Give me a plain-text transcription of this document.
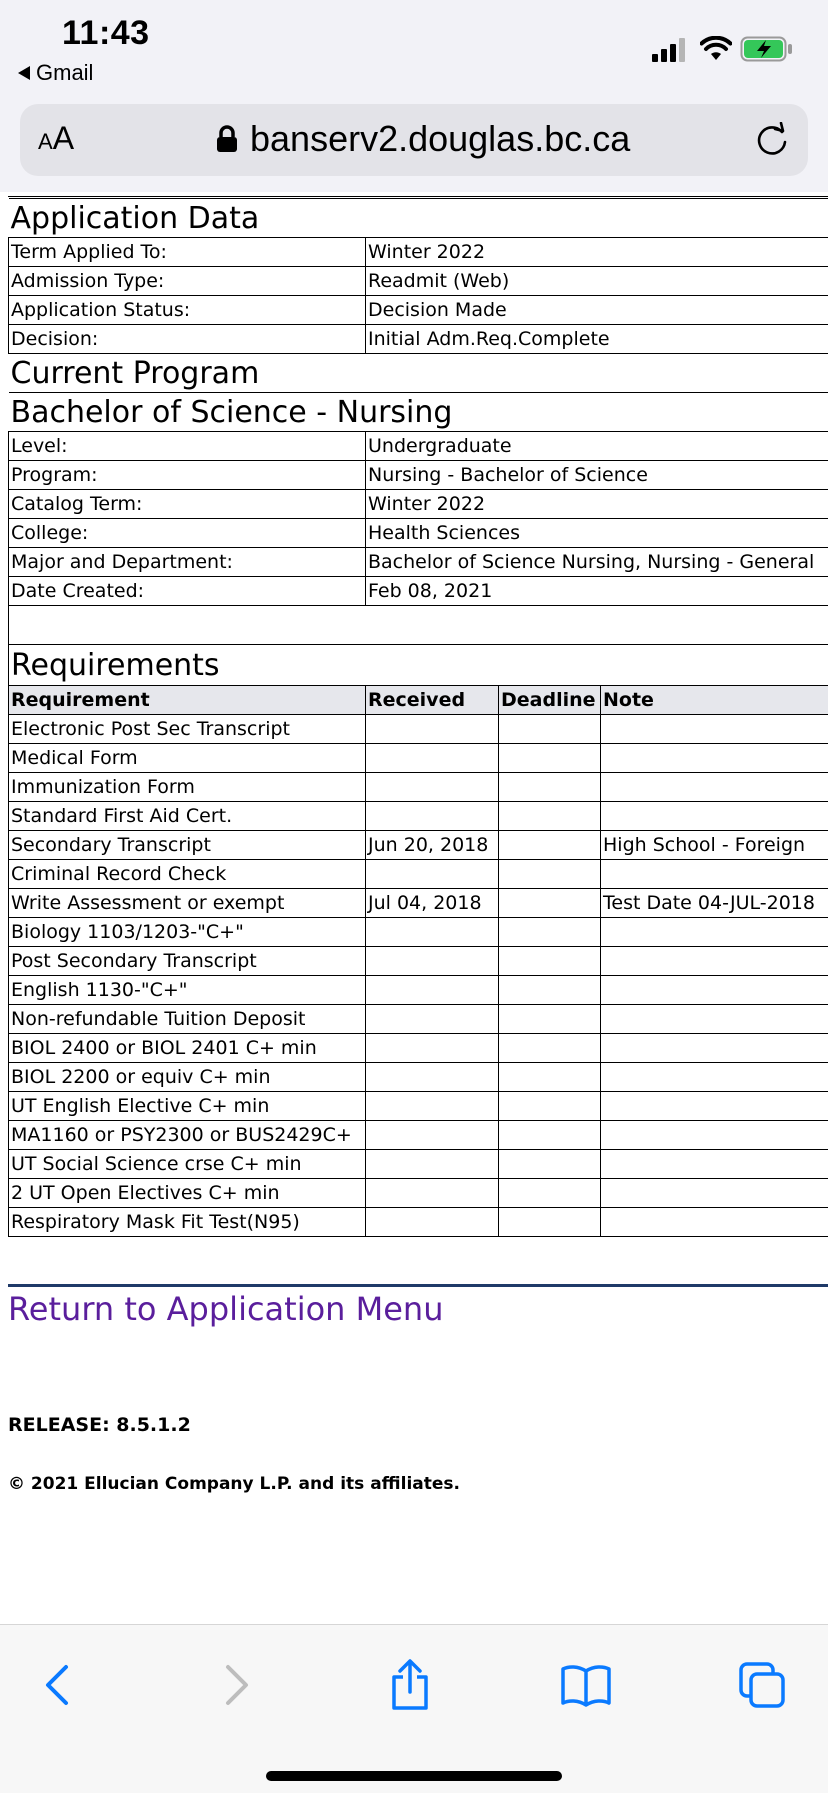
11:43
Gmail
AA	banserv2.douglas.bc.ca
Application Data			
Term Applied To:	Winter 2022		
Admission Type:	Readmit (Web)		
Application Status:	Decision Made		
Decision:	Initial Adm.Req.Complete		
Current Program			
Bachelor of Science - Nursing			
Level:	Undergraduate		
Program:	Nursing - Bachelor of Science		
Catalog Term:	Winter 2022		
College:	Health Sciences		
Major and Department:	Bachelor of Science Nursing, Nursing - General		
Date Created:	Feb 08, 2021		

Requirements			
Requirement	Received	Deadline	Note
Electronic Post Sec Transcript			
Medical Form			
Immunization Form			
Standard First Aid Cert.			
Secondary Transcript	Jun 20, 2018		High School - Foreign
Criminal Record Check			
Write Assessment or exempt	Jul 04, 2018		Test Date 04-JUL-2018
Biology 1103/1203-"C+"			
Post Secondary Transcript			
English 1130-"C+"			
Non-refundable Tuition Deposit			
BIOL 2400 or BIOL 2401 C+ min			
BIOL 2200 or equiv C+ min			
UT English Elective C+ min			
MA1160 or PSY2300 or BUS2429C+			
UT Social Science crse C+ min			
2 UT Open Electives C+ min			
Respiratory Mask Fit Test(N95)			
Return to Application Menu
RELEASE: 8.5.1.2
© 2021 Ellucian Company L.P. and its affiliates.
